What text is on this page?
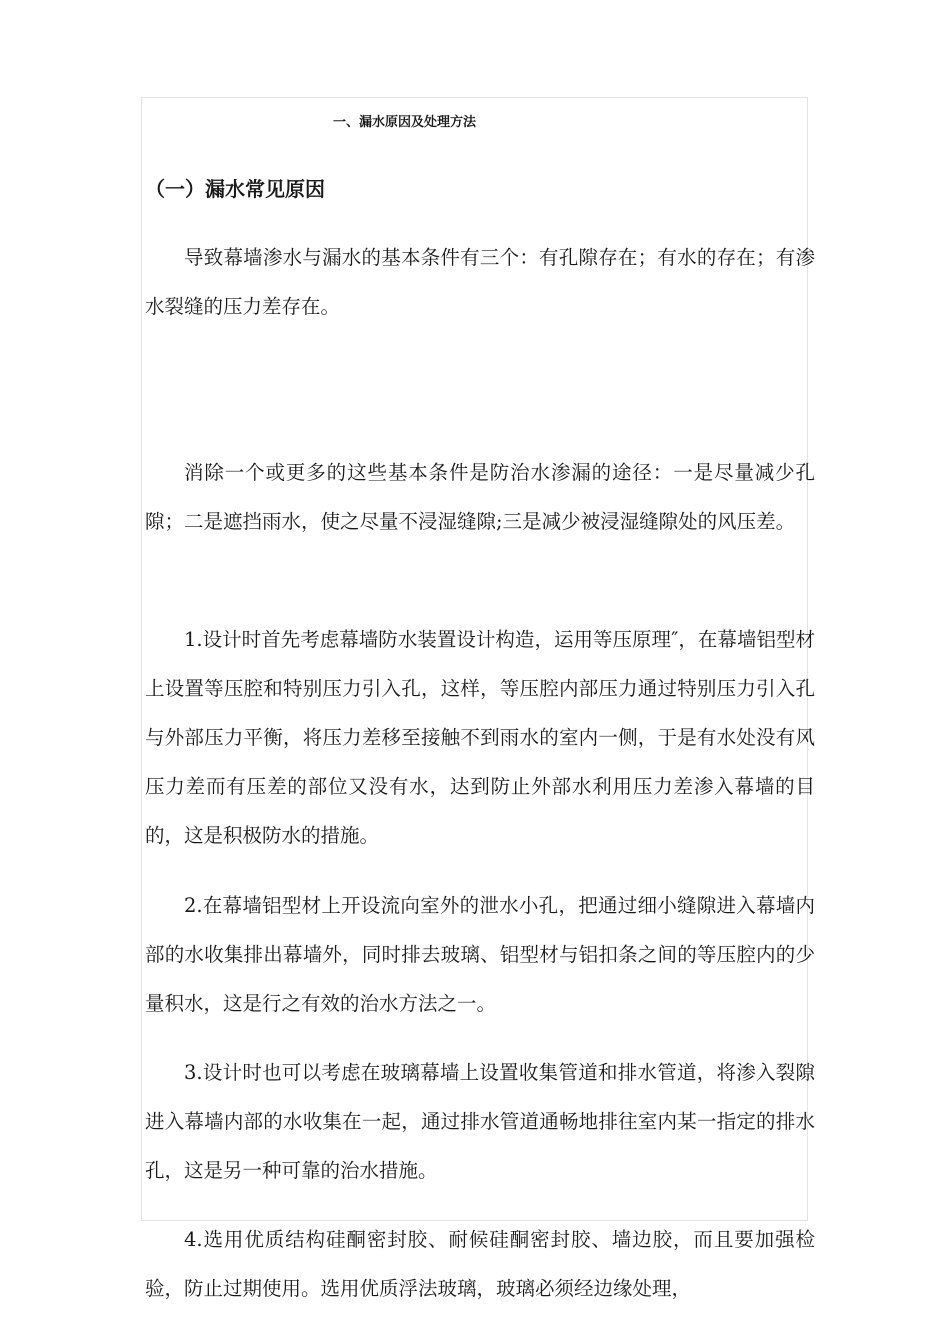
一、漏水原因及处理方法
（一）漏水常见原因

导致幕墙渗水与漏水的基本条件有三个：有孔隙存在；有水的存在；有渗水裂缝的压力差存在。

消除一个或更多的这些基本条件是防治水渗漏的途径：一是尽量减少孔隙；二是遮挡雨水，使之尽量不浸湿缝隙;三是减少被浸湿缝隙处的风压差。

1.设计时首先考虑幕墙防水装置设计构造，运用等压原理″，在幕墙铝型材上设置等压腔和特别压力引入孔，这样，等压腔内部压力通过特别压力引入孔与外部压力平衡，将压力差移至接触不到雨水的室内一侧，于是有水处没有风压力差而有压差的部位又没有水，达到防止外部水利用压力差渗入幕墙的目的，这是积极防水的措施。

2.在幕墙铝型材上开设流向室外的泄水小孔，把通过细小缝隙进入幕墙内部的水收集排出幕墙外，同时排去玻璃、铝型材与铝扣条之间的等压腔内的少量积水，这是行之有效的治水方法之一。

3.设计时也可以考虑在玻璃幕墙上设置收集管道和排水管道，将渗入裂隙进入幕墙内部的水收集在一起，通过排水管道通畅地排往室内某一指定的排水孔，这是另一种可靠的治水措施。

4.选用优质结构硅酮密封胶、耐候硅酮密封胶、墙边胶，而且要加强检验，防止过期使用。选用优质浮法玻璃，玻璃必须经边缘处理，
